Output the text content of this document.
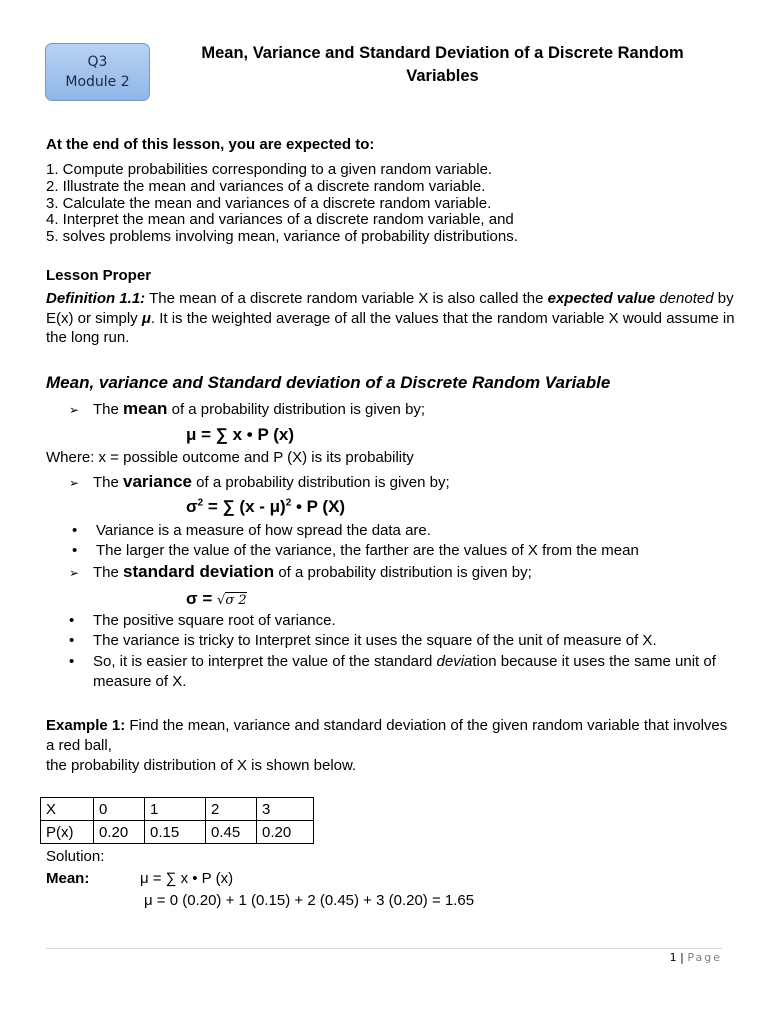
Q3
Module 2
Mean, Variance and Standard Deviation of a Discrete Random Variables
At the end of this lesson, you are expected to:
1. Compute probabilities corresponding to a given random variable.
2. Illustrate the mean and variances of a discrete random variable.
3. Calculate the mean and variances of a discrete random variable.
4. Interpret the mean and variances of a discrete random variable, and
5. solves problems involving mean, variance of probability distributions.
Lesson Proper
Definition 1.1: The mean of a discrete random variable X is also called the expected value denoted by E(x) or simply μ. It is the weighted average of all the values that the random variable X would assume in the long run.
Mean, variance and Standard deviation of a Discrete Random Variable
➢ The mean of a probability distribution is given by;
μ = ∑ x • P (x)
Where: x = possible outcome and P (X) is its probability
➢ The variance of a probability distribution is given by;
$\sigma^2$ = ∑ (x - μ)$^2$ • P (X)
• Variance is a measure of how spread the data are.
• The larger the value of the variance, the farther are the values of X from the mean
➢ The standard deviation of a probability distribution is given by;
σ = √σ 2
• The positive square root of variance.
• The variance is tricky to Interpret since it uses the square of the unit of measure of X.
•	So, it is easier to interpret the value of the standard deviation because it uses the same unit of measure of X.
Example 1: Find the mean, variance and standard deviation of the given random variable that involves a red ball,
the probability distribution of X is shown below.
X	0	1	2	3
P(x)	0.20	0.15	0.45	0.20
Solution:
Mean:	μ = ∑ x • P (x)
μ = 0 (0.20) + 1 (0.15) + 2 (0.45) + 3 (0.20) = 1.65
1 | Page
